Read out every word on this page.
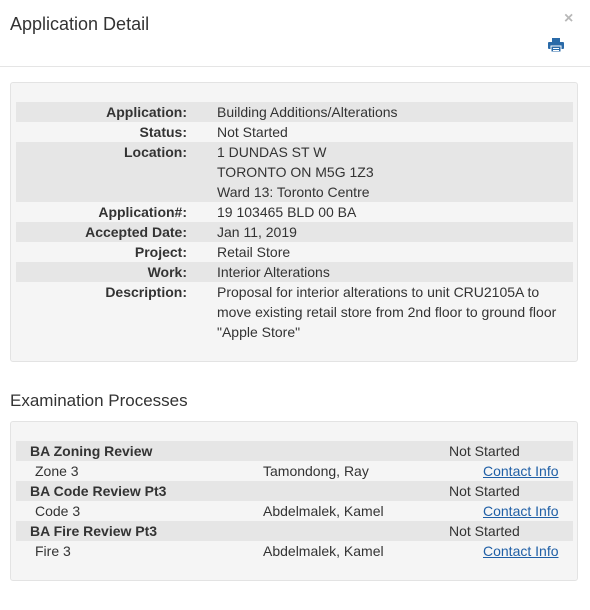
Application Detail	×
Application: Building Additions/Alterations
Status: Not Started
Location: 1 DUNDAS ST W
TORONTO ON M5G 1Z3
Ward 13: Toronto Centre
Application#: 19 103465 BLD 00 BA
Accepted Date: Jan 11, 2019
Project: Retail Store
Work: Interior Alterations
Description: Proposal for interior alterations to unit CRU2105A to
move existing retail store from 2nd floor to ground floor
"Apple Store"
Examination Processes
BA Zoning Review	Not Started
Zone 3	Tamondong, Ray	Contact Info
BA Code Review Pt3	Not Started
Code 3	Abdelmalek, Kamel	Contact Info
BA Fire Review Pt3	Not Started
Fire 3	Abdelmalek, Kamel	Contact Info
